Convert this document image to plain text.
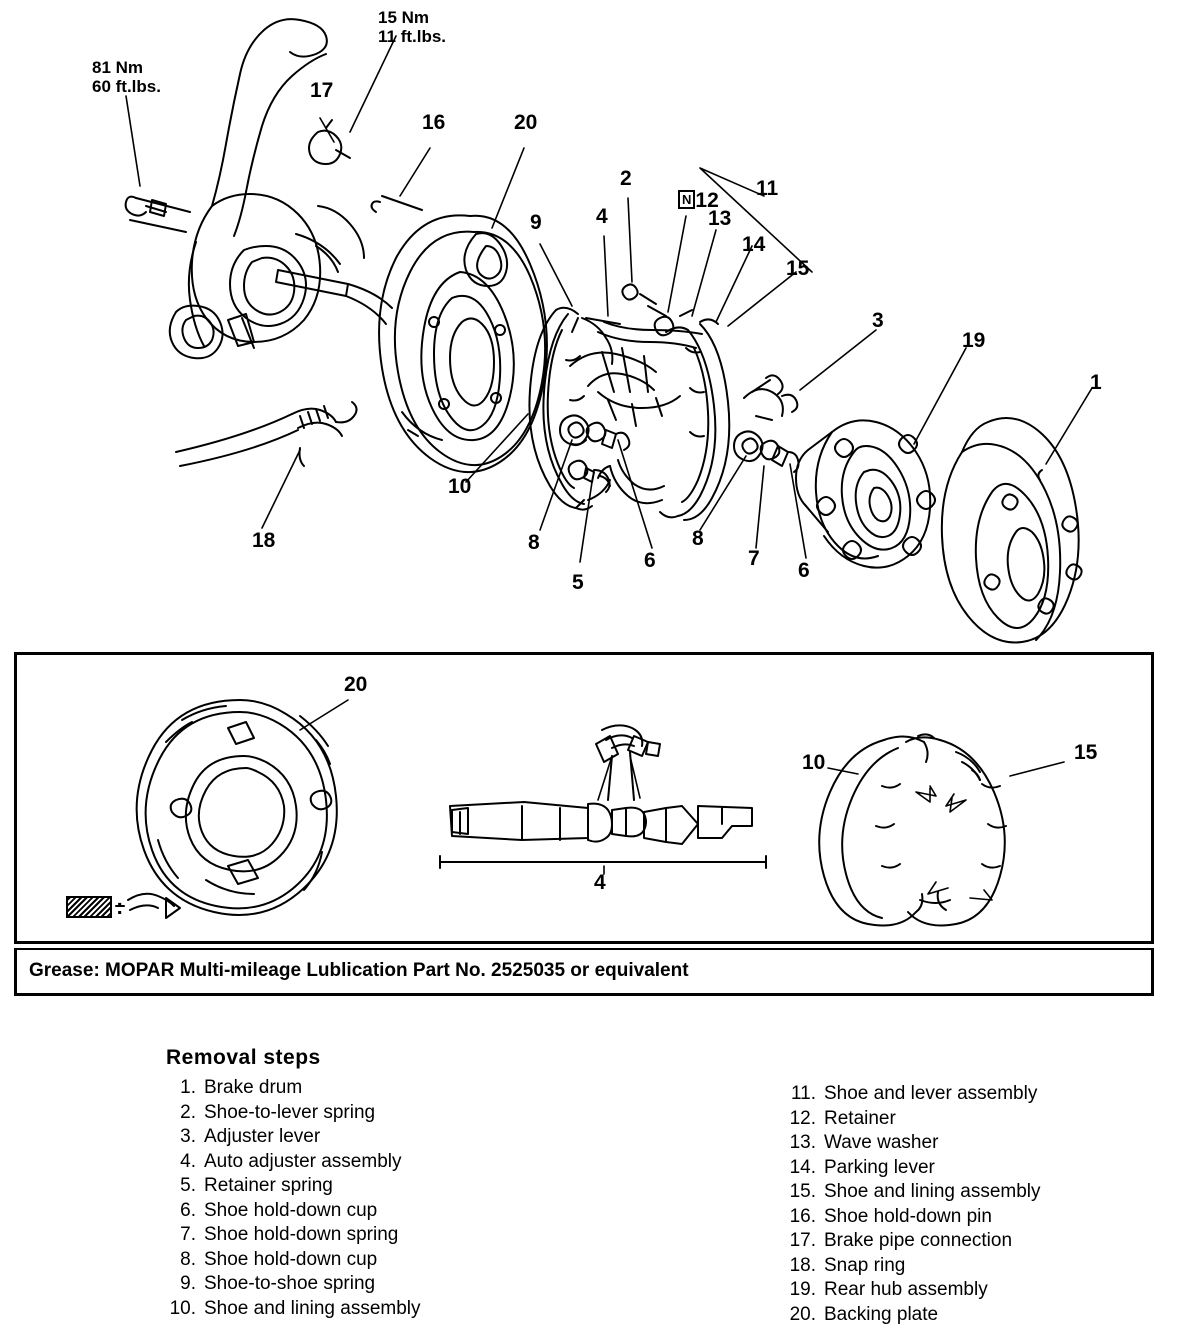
81 Nm
60 ft.lbs.
15 Nm
11 ft.lbs.
17
16	20
9	4
2
N 12
13
11
14
15
3
19
1
10
8
5
6
8
7
6
18
20
4
10	15
:
Grease: MOPAR Multi-mileage Lublication Part No. 2525035 or equivalent
Removal steps
1. Brake drum
2. Shoe-to-lever spring
3. Adjuster lever
4. Auto adjuster assembly
5. Retainer spring
6. Shoe hold-down cup
7. Shoe hold-down spring
8. Shoe hold-down cup
9. Shoe-to-shoe spring
10. Shoe and lining assembly
11. Shoe and lever assembly
12. Retainer
13. Wave washer
14. Parking lever
15. Shoe and lining assembly
16. Shoe hold-down pin
17. Brake pipe connection
18. Snap ring
19. Rear hub assembly
20. Backing plate
